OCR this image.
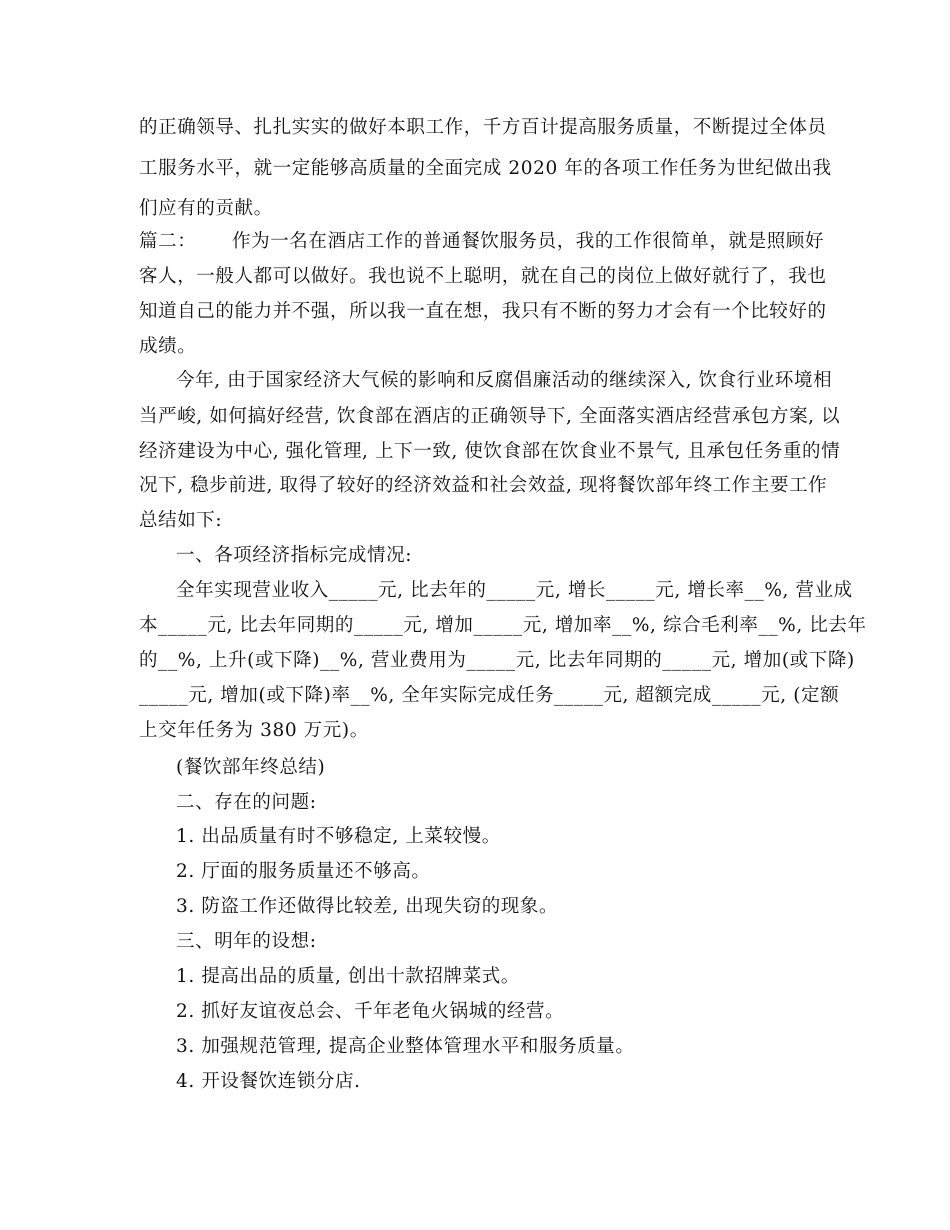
的正确领导、扎扎实实的做好本职工作，千方百计提高服务质量，不断提过全体员
工服务水平，就一定能够高质量的全面完成 2020 年的各项工作任务为世纪做出我
们应有的贡献。
篇二： 作为一名在酒店工作的普通餐饮服务员，我的工作很简单，就是照顾好
客人，一般人都可以做好。我也说不上聪明，就在自己的岗位上做好就行了，我也
知道自己的能力并不强，所以我一直在想，我只有不断的努力才会有一个比较好的
成绩。
今年, 由于国家经济大气候的影响和反腐倡廉活动的继续深入, 饮食行业环境相
当严峻, 如何搞好经营, 饮食部在酒店的正确领导下, 全面落实酒店经营承包方案, 以
经济建设为中心, 强化管理, 上下一致, 使饮食部在饮食业不景气, 且承包任务重的情
况下, 稳步前进, 取得了较好的经济效益和社会效益, 现将餐饮部年终工作主要工作
总结如下:
一、各项经济指标完成情况:
全年实现营业收入_____元, 比去年的_____元, 增长_____元, 增长率__%, 营业成
本_____元, 比去年同期的_____元, 增加_____元, 增加率__%, 综合毛利率__%, 比去年
的__%, 上升(或下降)__%, 营业费用为_____元, 比去年同期的_____元, 增加(或下降)
_____元, 增加(或下降)率__%, 全年实际完成任务_____元, 超额完成_____元, (定额
上交年任务为 380 万元)。
(餐饮部年终总结)
二、存在的问题:
1. 出品质量有时不够稳定, 上菜较慢。
2. 厅面的服务质量还不够高。
3. 防盗工作还做得比较差, 出现失窃的现象。
三、明年的设想:
1. 提高出品的质量, 创出十款招牌菜式。
2. 抓好友谊夜总会、千年老龟火锅城的经营。
3. 加强规范管理, 提高企业整体管理水平和服务质量。
4. 开设餐饮连锁分店.
